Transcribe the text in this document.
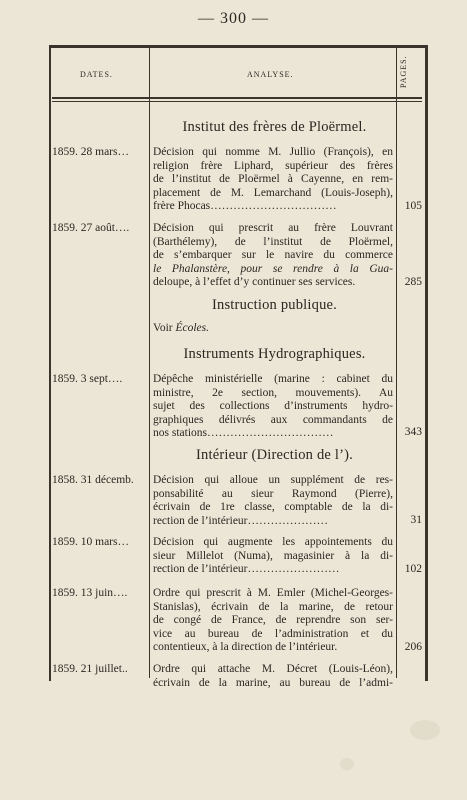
— 300 —
DATES.	ANALYSE.	PAGES.
Institut des frères de Ploërmel.
1859. 28 mars…	Décision qui nomme M. Jullio (François), en
religion frère Liphard, supérieur des frères
de l’institut de Ploërmel à Cayenne, en rem-
placement de M. Lemarchand (Louis-Joseph),
frère Phocas……………………………	105
1859. 27 août….	Décision qui prescrit au frère Louvrant
(Barthélemy), de l’institut de Ploërmel,
de s’embarquer sur le navire du commerce
le Phalanstère, pour se rendre à la Gua-
deloupe, à l’effet d’y continuer ses services.	285
Instruction publique.
Voir Écoles.
Instruments Hydrographiques.
1859. 3 sept….	Dépêche ministérielle (marine : cabinet du
ministre, 2e section, mouvements). Au
sujet des collections d’instruments hydro-
graphiques délivrés aux commandants de
nos stations……………………………	343
Intérieur (Direction de l’).
1858. 31 décemb.	Décision qui alloue un supplément de res-
ponsabilité au sieur Raymond (Pierre),
écrivain de 1re classe, comptable de la di-
rection de l’intérieur…………………	31
1859. 10 mars…	Décision qui augmente les appointements du
sieur Millelot (Numa), magasinier à la di-
rection de l’intérieur……………………	102
1859. 13 juin….	Ordre qui prescrit à M. Emler (Michel-Georges-
Stanislas), écrivain de la marine, de retour
de congé de France, de reprendre son ser-
vice au bureau de l’administration et du
contentieux, à la direction de l’intérieur.	206
1859. 21 juillet..	Ordre qui attache M. Décret (Louis-Léon),
écrivain de la marine, au bureau de l’admi-
